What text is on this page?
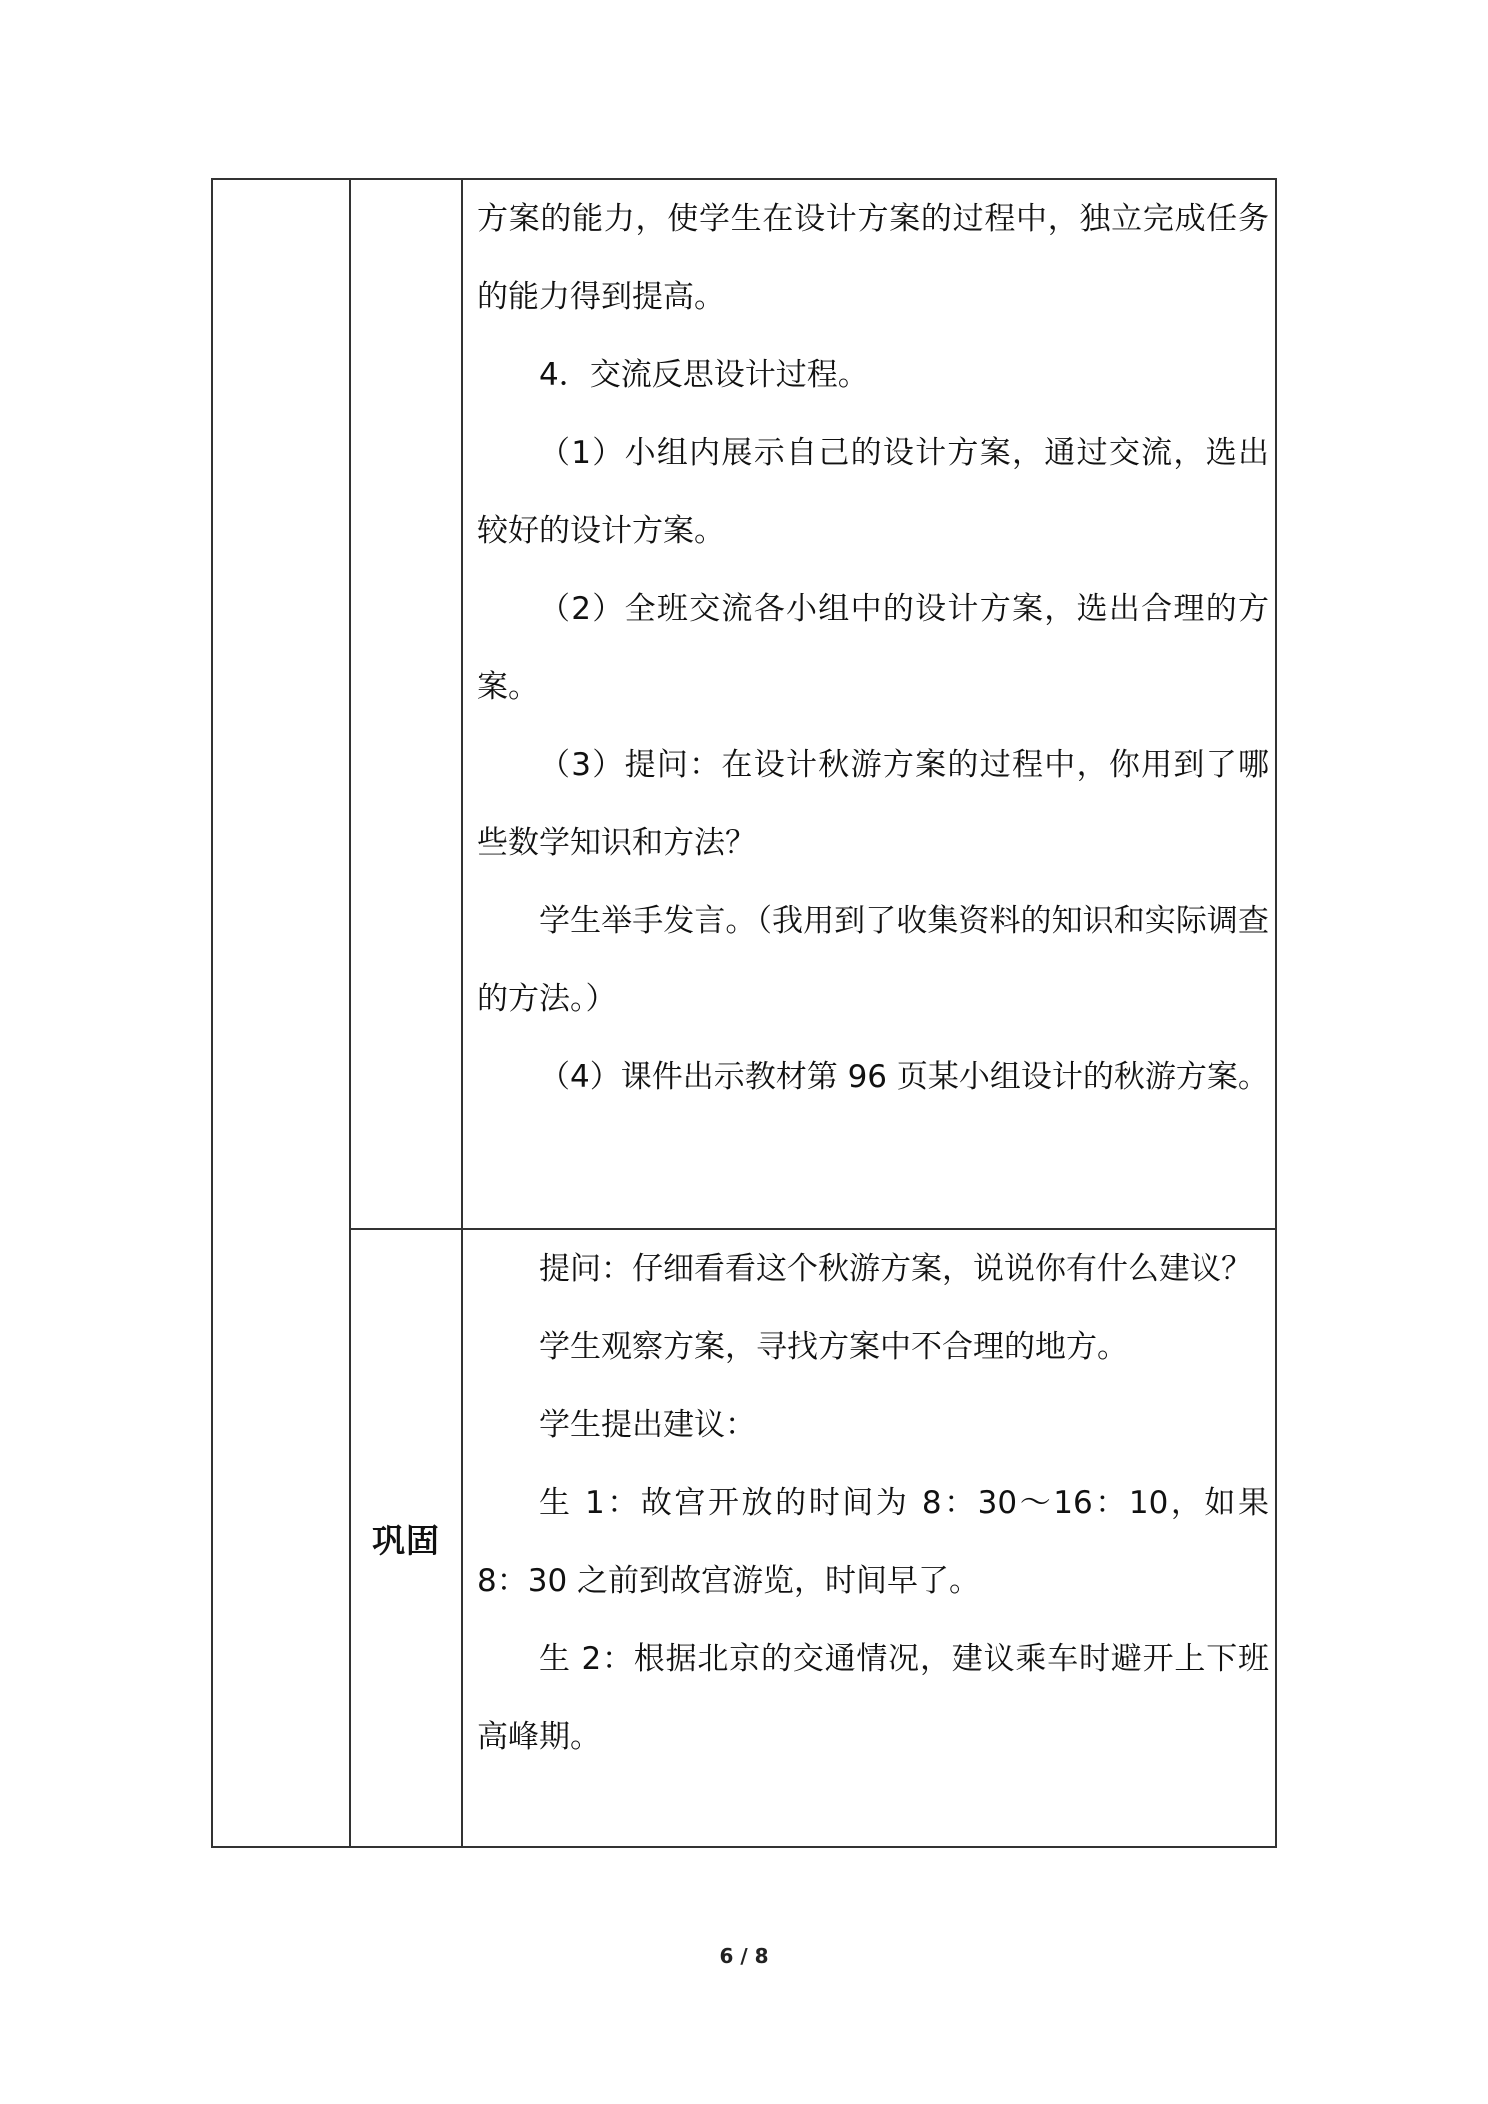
方案的能力，使学生在设计方案的过程中，独立完成任务的能力得到提高。

4．交流反思设计过程。

（1）小组内展示自己的设计方案，通过交流，选出较好的设计方案。

（2）全班交流各小组中的设计方案，选出合理的方案。

（3）提问：在设计秋游方案的过程中，你用到了哪些数学知识和方法？

学生举手发言。（我用到了收集资料的知识和实际调查的方法。）

（4）课件出示教材第 96 页某小组设计的秋游方案。

巩固

提问：仔细看看这个秋游方案，说说你有什么建议？

学生观察方案，寻找方案中不合理的地方。

学生提出建议：

生 1：故宫开放的时间为 8：30～16：10，如果 8：30 之前到故宫游览，时间早了。

生 2：根据北京的交通情况，建议乘车时避开上下班高峰期。

6 / 8
